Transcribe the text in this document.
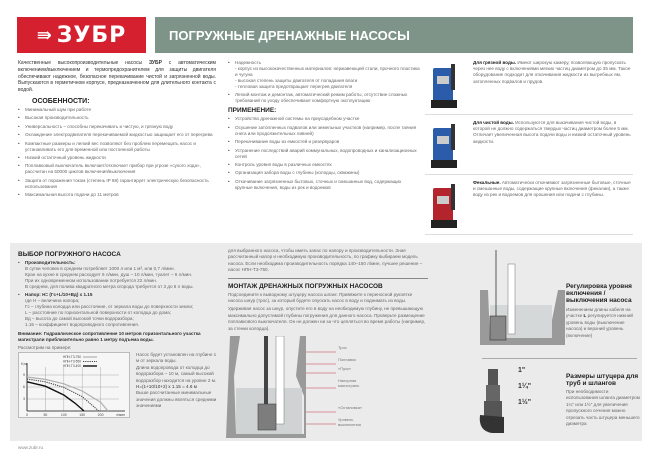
⇛ ЗУБР	ПОГРУЖНЫЕ ДРЕНАЖНЫЕ НАСОСЫ

Качественные высокопроизводительные насосы ЗУБР с автоматическим включением/выключением и термопредохранителем для защиты двигателя обеспечивают надежное, безопасное перекачивание чистой и загрязненной воды. Выпускаются в герметичном корпусе, предназначенном для длительного контакта с водой.

ОСОБЕННОСТИ:
• Минимальный шум при работе
• Высокая производительность
• Универсальность – способны перекачивать и чистую, и грязную воду
• Охлаждение электродвигателя перекачиваемой жидкостью защищает его от перегрева
• Компактные размеры и легкий вес позволяют без проблем перемещать насос и устанавливать его для временной или постоянной работы
• Низкий остаточный уровень жидкости
• Поплавковый выключатель включает/отключает прибор при угрозе «сухого хода», рассчитан на 50000 циклов включения/выключения
• Защита от поражения током (степень IP 68) гарантирует электрическую безопасность использования
• Максимальная высота подачи до 11 метров
• Надежность
- корпус из высококачественных материалов: нержавеющей стали, прочного пластика и чугуна
- высокая степень защиты двигателя от попадания влаги
- тепловая защита предотвращает перегрев двигателя
• Легкий монтаж и демонтаж, автоматический режим работы, отсутствие сложных требований по уходу обеспечивают комфортную эксплуатацию
ПРИМЕНЕНИЕ:
• Устройство дренажной системы на приусадебном участке
• Осушение затопленных подвалов или земельных участков (например, после таяния снега или продолжительных ливней)
• Перекачивание воды из емкостей и резервуаров
• Устранение последствий аварий коммунальных, водопроводных и канализационных сетей
• Контроль уровня воды в различных емкостях
• Организация забора воды с глубины (колодцы, скважины)
• Откачивание загрязненных бытовых, сточных и смешанных вод, содержащих крупные включения, воды из рек и водоемов
Для грязной воды. Имеют широкую камеру, позволяющую пропускать через нее воду с включениями мягких частиц диаметром до 35 мм. Такое оборудование подходит для откачивания жидкости из выгребных ям, затопленных подвалов и прудов.
Для чистой воды. Используются для выкачивания чистой воды, в которой не должно содержаться твердых частиц диаметром более 5 мм. Отличает увеличенная высота подачи воды и низкий остаточный уровень жидкости.
Фекальные. Автоматически откачивают загрязненные бытовые, сточные и смешанные воды, содержащие крупные включения (фекалии), а также воду из рек и водоемов для орошения или подачи с глубины.
ВЫБОР ПОГРУЖНОГО НАСОСА
• Производительность:
В сутки человек в среднем потребляет 1000 л или 1 м³, или 0,7 л/мин.
Кран на кухне в среднем расходует 6 л/мин, душ – 10 л/мин, туалет – 6 л/мин.
При их одновременном использовании потребуется 22 л/мин.
В среднем, для полива квадратного метра огорода требуется от 3 до 6 л воды.
• Напор: H= (Гс+L/10+Вд) x 1.15
где H – величина напора;
Гс – глубина колодца или расстояние, от зеркала воды до поверхности земли;
L – расстояние по горизонтальной поверхности от колодца до дома;
Вд – высота до самой высокой точки водоразбора;
1.15 – коэффициент водопроводного сопротивления.

Внимание: Гидравлическое сопротивление 10 метров горизонтального участка магистрали приблизительно равно 1 метру подъема воды.

Рассмотрим на примере:

0	50	100	150	200
3
6
9
л/мин
H,м
НПН-Т3-750
НПН-Т3-550
НПН-Т3-400

Насос будет установлен на глубине 1 м от зеркала воды.

Длина водопровода от колодца до водоразбора – 10 м, самый высокий водоразбор находится на уровне 2 м.

H=(1+10/10+2) x 1.15 = 4.6 м

Выше рассчитанные минимальные значения должны являться средними значениями

для выбранного насоса, чтобы иметь запас по напору и производительности. Зная рассчитанный напор и необходимую производительность, по графику выбираем модель насоса. Если необходима производительность порядка 140–150 л/мин, лучшее решение – насос НПН-Т3-750.

МОНТАЖ ДРЕНАЖНЫХ ПОГРУЖНЫХ НАСОСОВ

Подсоедините к выводному штуцеру насоса шланг. Привяжите к переносной рукоятке насоса шнур (трос), за который будете опускать насос в воду и поднимать из воды.

Удерживая насос за шнур, опустите его в воду на необходимую глубину, не превышающую максимально допустимой глубины погружения для данного насоса. Проверьте размещение поплавкового выключателя. Он не должен ни за что цепляться во время работы (например, за стенки колодца).

Трос
Поплавок
«Пуск»
Напорная магистраль
«Остановка»
Уровень выключения
Регулировка уровня включения / выключения насоса

Изменением длины кабеля на участке L регулируется нижний уровень воды (выключение насоса) и верхний уровень (включение)

1"
1¼"
1½"
Размеры штуцера для труб и шлангов

При необходимости использования шланга диаметром 1¼" или 1½" для увеличения пропускного сечения можно отрезать часть штуцера меньшего диаметра

www.zubr.ru
